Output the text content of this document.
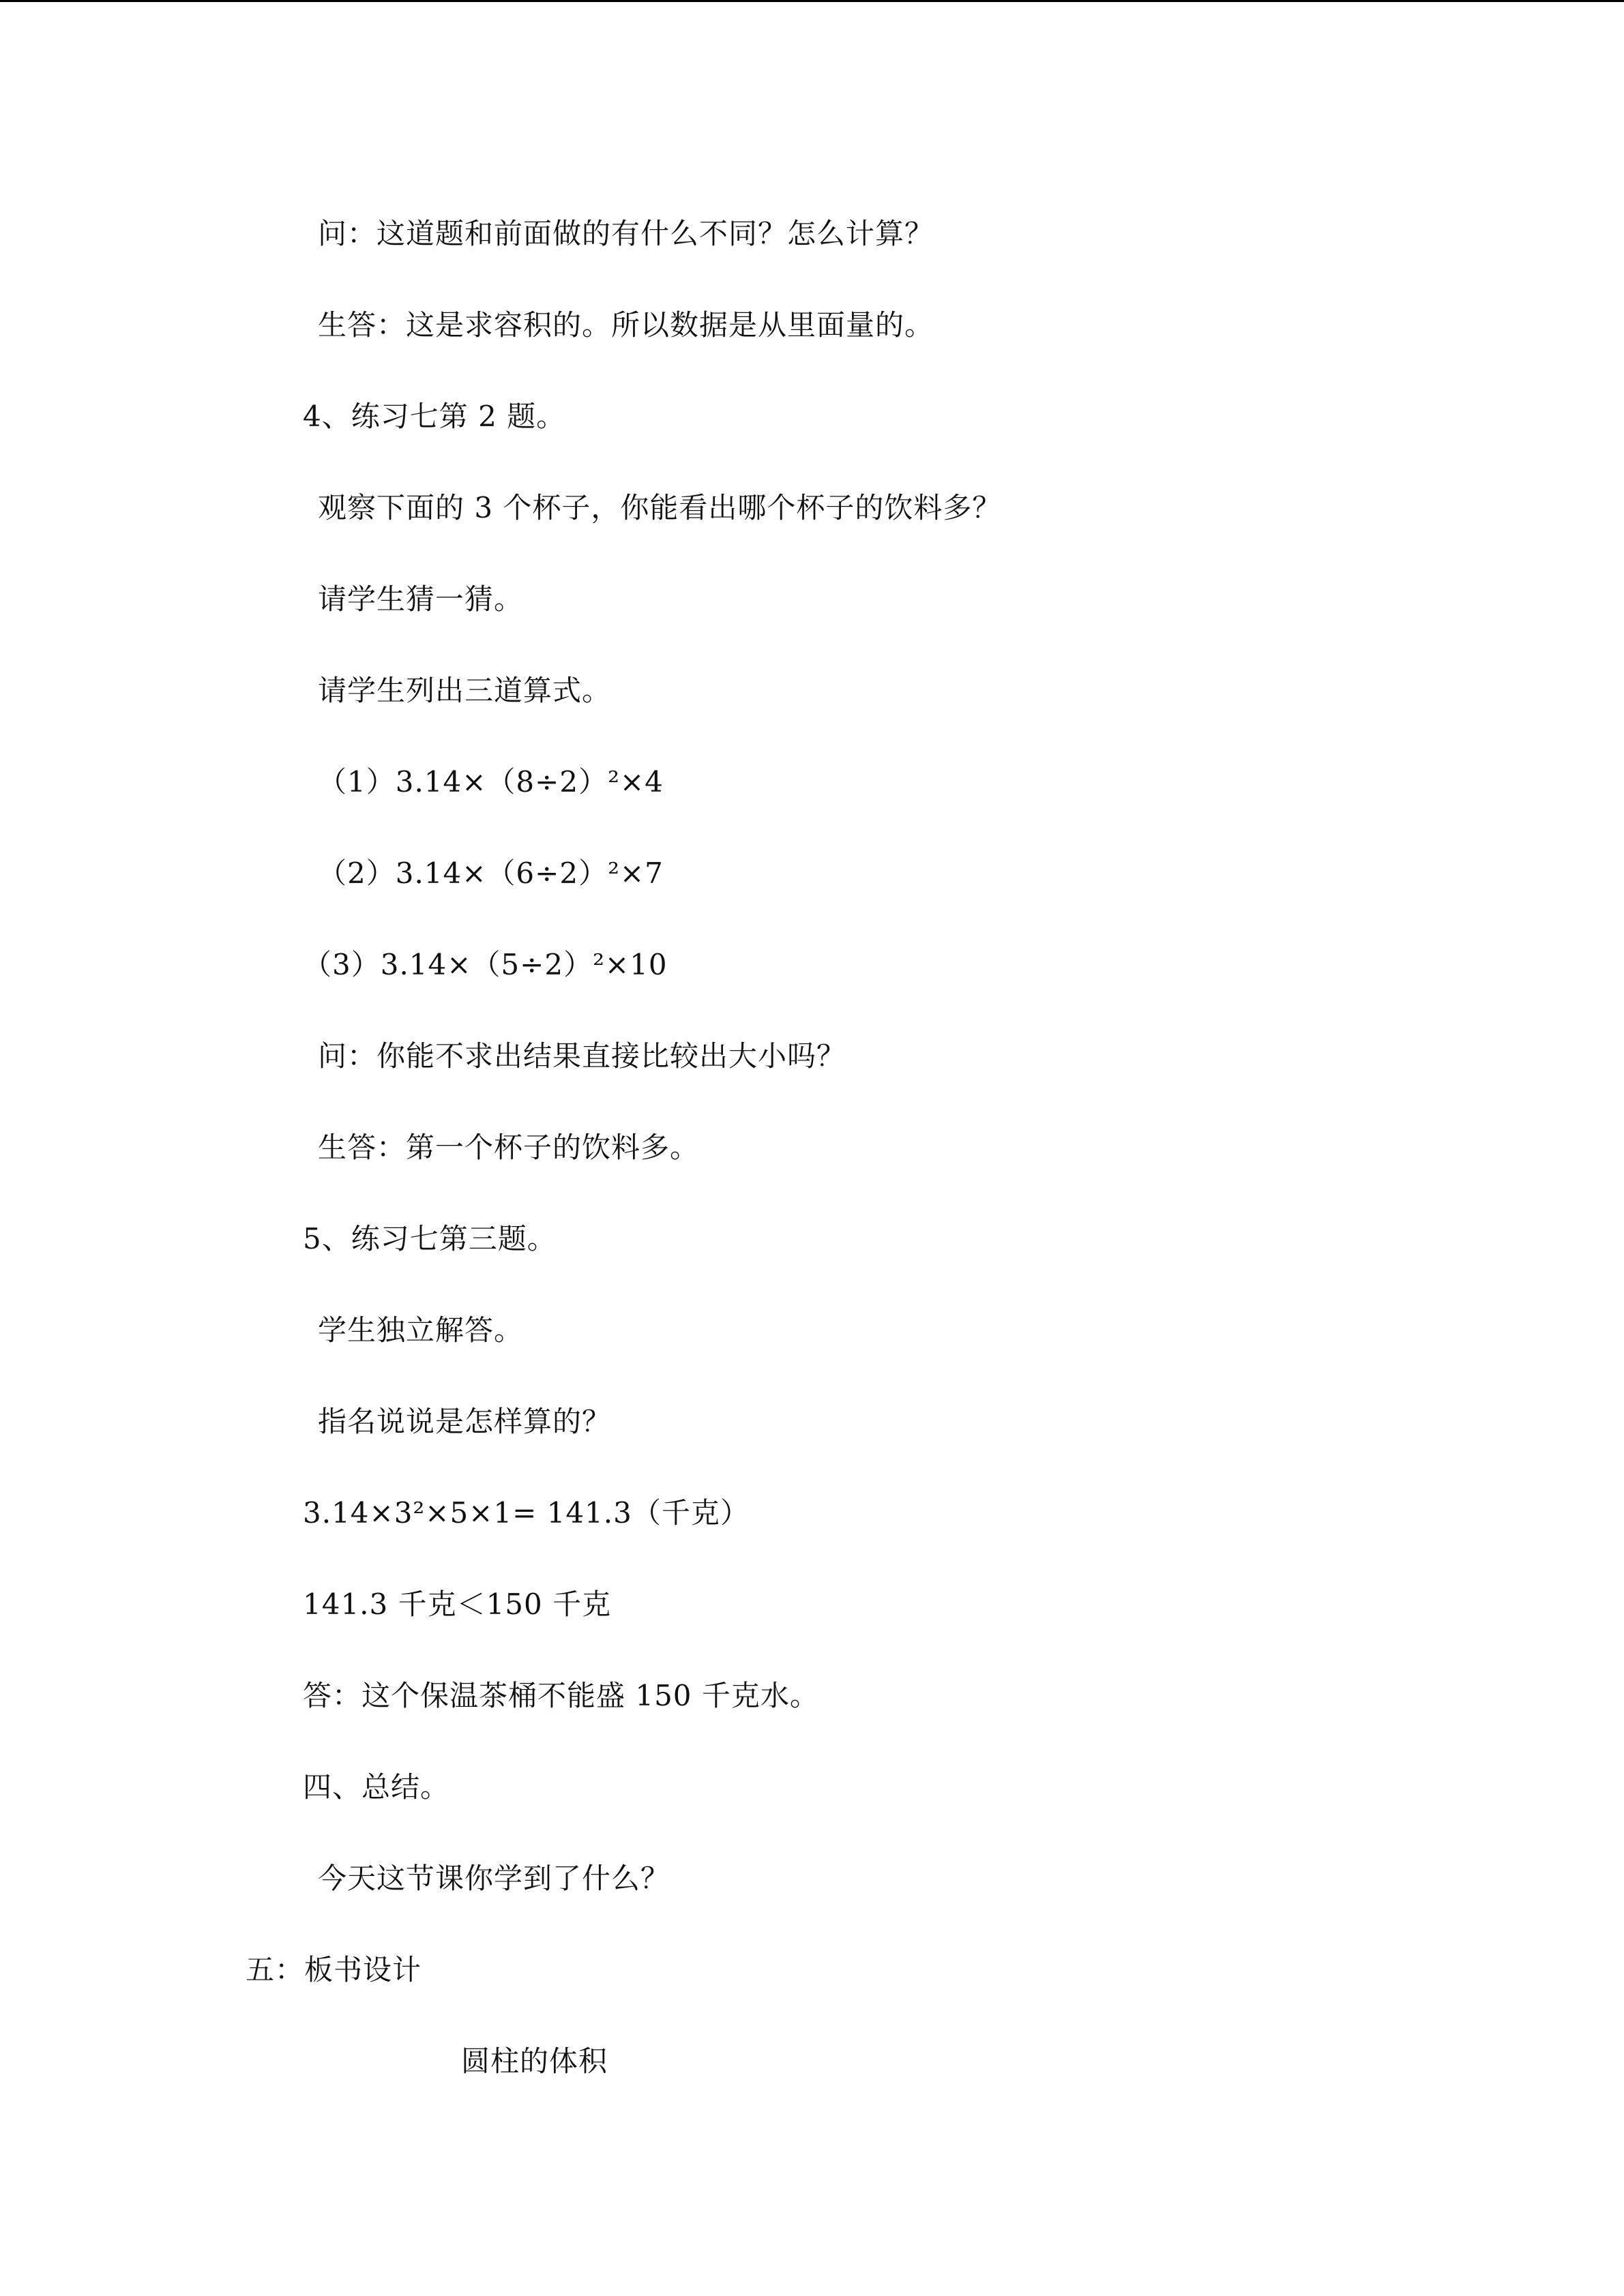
问：这道题和前面做的有什么不同？怎么计算？

生答：这是求容积的。所以数据是从里面量的。

4、练习七第 2 题。

观察下面的 3 个杯子，你能看出哪个杯子的饮料多？

请学生猜一猜。

请学生列出三道算式。

（1）3.14×（8÷2）²×4

（2）3.14×（6÷2）²×7

（3）3.14×（5÷2）²×10

问：你能不求出结果直接比较出大小吗？

生答：第一个杯子的饮料多。

5、练习七第三题。

学生独立解答。

指名说说是怎样算的？

3.14×3²×5×1= 141.3（千克）

141.3 千克＜150 千克

答：这个保温茶桶不能盛 150 千克水。

四、总结。

今天这节课你学到了什么？

五：板书设计

圆柱的体积
